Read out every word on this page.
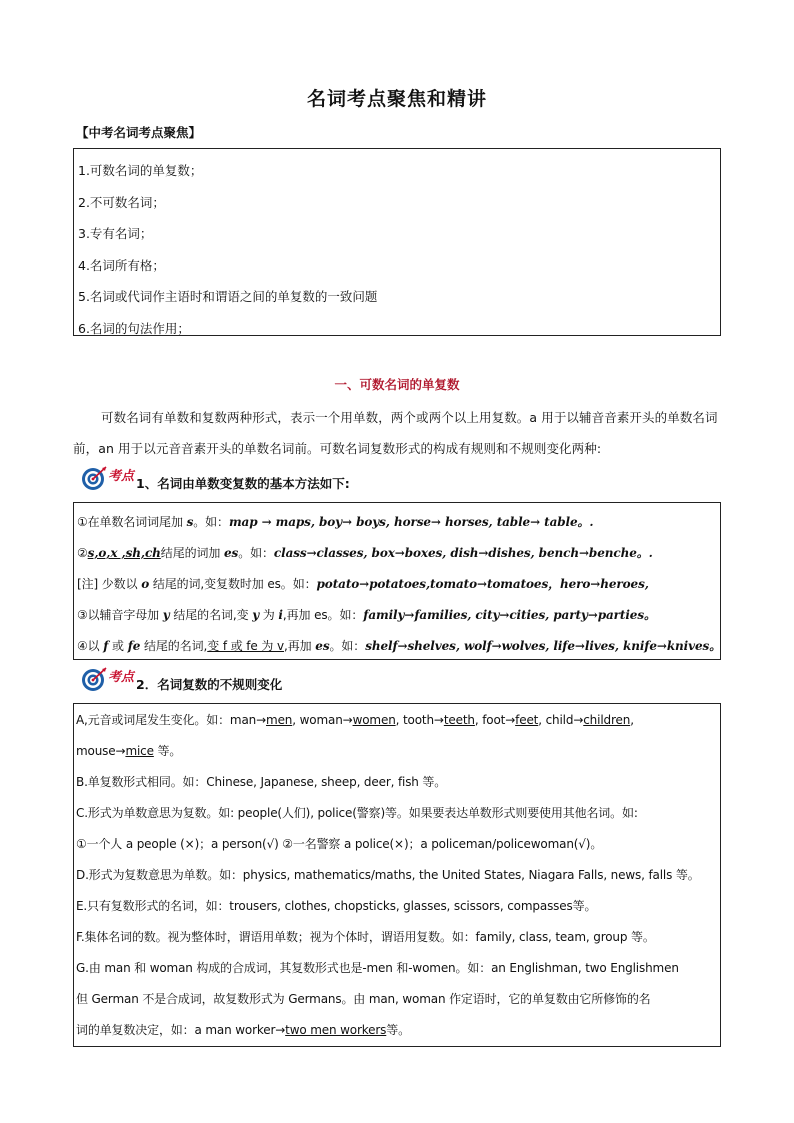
名词考点聚焦和精讲
【中考名词考点聚焦】
1.可数名词的单复数；
2.不可数名词；
3.专有名词；
4.名词所有格；
5.名词或代词作主语时和谓语之间的单复数的一致问题
6.名词的句法作用；
一、可数名词的单复数
可数名词有单数和复数两种形式，表示一个用单数，两个或两个以上用复数。a 用于以辅音音素开头的单数名词前，an 用于以元音音素开头的单数名词前。可数名词复数形式的构成有规则和不规则变化两种:
考点 1、名词由单数变复数的基本方法如下:
①在单数名词词尾加 s。如：map → maps, boy→ boys, horse→ horses, table→ table。.
②s,o,x ,sh,ch结尾的词加 es。如：class→classes, box→boxes, dish→dishes, bench→benche。.
[注] 少数以 o 结尾的词,变复数时加 es。如：potato→potatoes,tomato→tomatoes，hero→heroes,
③以辅音字母加 y 结尾的名词,变 y 为 i,再加 es。如：family→families, city→cities, party→parties。
④以 f 或 fe 结尾的名词,变 f 或 fe 为 v,再加 es。如：shelf→shelves, wolf→wolves, life→lives, knife→knives。
考点 2．名词复数的不规则变化
A,元音或词尾发生变化。如：man→men, woman→women, tooth→teeth, foot→feet, child→children,
mouse→mice 等。
B.单复数形式相同。如：Chinese, Japanese, sheep, deer, fish 等。
C.形式为单数意思为复数。如: people(人们), police(警察)等。如果要表达单数形式则要使用其他名词。如:
①一个人 a people (×)；a person(√) ②一名警察 a police(×)；a policeman/policewoman(√)。
D.形式为复数意思为单数。如：physics, mathematics/maths, the United States, Niagara Falls, news, falls 等。
E.只有复数形式的名词，如：trousers, clothes, chopsticks, glasses, scissors, compasses等。
F.集体名词的数。视为整体时，谓语用单数；视为个体时，谓语用复数。如：family, class, team, group 等。
G.由 man 和 woman 构成的合成词，其复数形式也是-men 和-women。如：an Englishman, two Englishmen
但 German 不是合成词，故复数形式为 Germans。由 man, woman 作定语时，它的单复数由它所修饰的名
词的单复数决定，如：a man worker→two men workers等。
